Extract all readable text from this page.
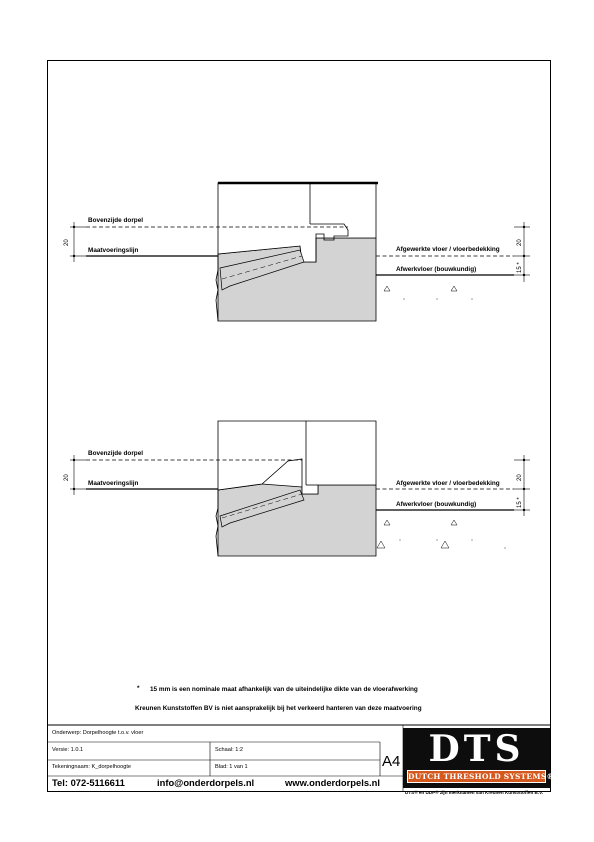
Bovenzijde dorpel
Maatvoeringslijn	Afgewerkte vloer / vloerbedekking
Afwerkvloer (bouwkundig)
20	20
15 *
Bovenzijde dorpel
Maatvoeringslijn	Afgewerkte vloer / vloerbedekking
Afwerkvloer (bouwkundig)
20	20
15 *
* 15 mm is een nominale maat afhankelijk van de uiteindelijke dikte van de vloerafwerking
Kreunen Kunststoffen BV is niet aansprakelijk bij het verkeerd hanteren van deze maatvoering
Onderwerp: Dorpelhoogte t.o.v. vloer
Versie: 1.0.1	Schaal: 1:2
Tekeningnaam: K_dorpelhoogte	Blad: 1 van 1	A4
Tel: 072-5116611	info@onderdorpels.nl	www.onderdorpels.nl
DTS
DUTCH THRESHOLD SYSTEMS®
DTS® en UDP® zijn merknamen van Kreunen Kunststoffen B.V.
